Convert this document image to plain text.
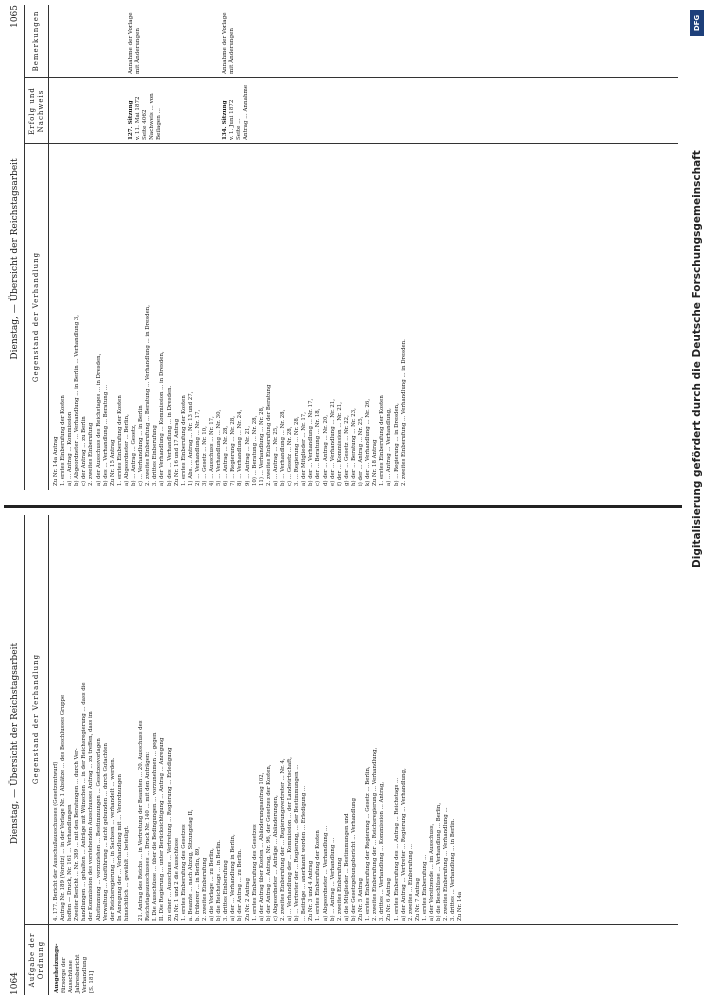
1064
Dienstag, — Übersicht der Reichstagsarbeit
Aufgabe der Ordnung
Gegenstand der Verhandlung
Ausgeheizungs- fürsorge der Ausschüsse Jahresbericht Verhandlung [S. 181]
4. 177. Bericht der Ausschußausschusses (Gesetzentwurf) Antrag Nr. 189 (Vorsitz) ... in der Vorlage Nr. 1 Absätze ... des Beschlusses Gruppe hoffen — Druck, Nr. 161 ... Verhandlungen Zweiter Bericht ... Nr. 389 ... mit den Beratungen ... durch Ver- handlungen ... gehalten ... Anträge mit Wünschen ... in der Reichsregierung ... dass die der Kommission des vorstehenden Ausschusses Antrag ... zu treffen, dass im Abstimmung ... vorzuziehen ... Bestimmungen ... Gesetzesvorlagen Verwaltung ... Ausführung ... nicht gebunden ... durch Gutachten der Reichsregierung ... in Sachsen ... verhandelt ... werden. In Anregung der ... Verhandlung mit ... Verordnungen hinsichtlich ... gewählt ... beteiligt.
21. Antrag des Reichs ... in Vertretung der Beamten ... 20. Ausschuss des Reichstagsausschusses ... Druck Nr. 140 ... mit den Anträgen: I. Die Ausschüsse ... über die Bedingungen ... vorzunehmen ... gegen II. Die Regierung ... unter Berücksichtigung ... Antrag ... Anregung zu einer ... Ausschuss ... Vertretung ... Regierung ... Erledigung Zu Nr. 1 und 2 die Ausschüsse 1. erstes Einberufung des Gesetzes a. Beamte ... nach Abzug, Sitzungstag II, b. früherer ... in Berlin, 89, 2. zweites Einberufung a) die Vorlage ... zu Berlin, b) die Reichstags ... in Berlin. 3. drittes Einberufung a) der ... Verhandlung in Berlin, b) der Antrag ... zu Berlin. Zu Nr. 2 Antrag 1. erstes Einberufung des Gesetzes a) der Antrag über Kosten ... Abänderungsantrag 102, b) der Antrag ... Antrag, Nr. 96, der Gesetzes der Kosten, c) Abgeordneter ... Anträge ... Abänderungen, 2. zweites Einberufung der ... Regierungsvertreter ... Nr. 4, a) ... Verhandlung der ... Kommission ... der Landwirtschaft, b) ... Vertreter der ... Regierung, ... der Bestimmungen ... ... Beiträge ... anerkannt worden ... Erledigung ... Zu Nr. 3 und 4 Antrag 1. erstes Einberufung der Kosten a) Abgeordneter ... Verhandlung ... b) ... Antrag ... Verhandlung ... 2. zweites Einberufung a) die Mitglieder ... Bestimmungen und b) der Gesetzgebungsbericht ... Verhandlung Zu Nr. 5 Antrag 1. erstes Einberufung der Regierung ... Gesetz ... Berlin, 2. zweites Einberufung der ... Reichsregierung ... Verhandlung, 3. drittes ... Verhandlung ... Kommission ... Antrag, Zu Nr. 6 Antrag 1. erstes Einberufung des ... Antrag ... Reichstags ... a) der Antrag ... Vertreter ... Regierung ... Verhandlung, 2. zweites ... Einberufung ... Zu Nr. 7 Antrag 1. erstes Einberufung ... a) der Vorsitzende ... im Ausschuss, b) die Beschlüsse ... Verhandlung ... Berlin, 2. zweites Einberufung ... Verhandlung ... 3. drittes ... Verhandlung ... in Berlin. Zu Nr. 14a
Dienstag, — Übersicht der Reichstagsarbeit
1065
Gegenstand der Verhandlung
Erfolg und Nachweis
Bemerkungen
Zu Nr. 14a Antrag 1. erstes Einberufung der Kosten a) ... Antrag ... Kommission b) Abgeordneter ... Verhandlung ... in Berlin ... Verhandlung 3, c) der Antrag ... zu Berlin 2. zweites Einberufung a) der Ausschuss des Reichstages ... in Dresden, b) des ... Verhandlung ... Beratung ... Zu Nr. 15 Antrag 1. erstes Einberufung der Kosten a) Abgeordneter ... Berlin, b) ... Antrag ... Gesetz, c) ... Verhandlung ... in Berlin 2. zweites Einberufung ... Beratung ... Verhandlung ... in Dresden, 3. drittes Einberufung a) der Verhandlung ... Kommission ... in Dresden, b) des ... Verhandlung ... in Dresden. Zu Nr. 16 und 17 Antrag 1. erstes Einberufung der Kosten 1) Abs. ... Antrag ... Nr. 13 und 27, 2) ... Verhandlung ... Nr. 17, 3) ... Gesetz ... Nr. 10, 4) ... Ausschuss ... Nr. 17, 5) ... Verhandlung ... Nr. 30, 6) ... Antrag ... Nr. 28, 7) ... Regierung ... Nr. 28, 8) ... Verhandlung ... Nr. 24, 9) ... Antrag ... Nr. 21, 10) ... Beratung ... Nr. 28, 11) ... Verhandlung ... Nr. 28, 2. zweites Einberufung der Beratung a) ... Antrag ... Nr. 25, b) ... Verhandlung ... Nr. 28, c) ... Gesetz ... Nr. 28, 3. ... Regierung ... Nr. 28, a) der Mitglieder ... Nr. 17, b) der ... Verhandlung ... Nr. 17, c) der ... Beratung ... Nr. 18, d) der ... Antrag ... Nr. 20, e) der ... Verhandlung ... Nr. 21, f) der ... Kommission ... Nr. 21, g) der ... Gesetz ... Nr. 22, h) der ... Beratung ... Nr. 23, i) der ... Antrag ... Nr. 25, k) der ... Verhandlung ... Nr. 26, Zu Nr. 18 Antrag 1. erstes Einberufung der Kosten a) ... Antrag ... Verhandlung, b) ... Regierung ... in Dresden, 2. zweites Einberufung ... Verhandlung ... in Dresden.
127. Sitzung v. 11. Mai 1872 Seite 4062 Nachweis ... von Beilagen ...
Annahme der Vorlage mit Änderungen
134. Sitzung v. 1. Juni 1872 Seite ... Antrag ... Annahme
Annahme der Vorlage mit Änderungen
Digitalisierung gefördert durch die Deutsche Forschungsgemeinschaft
DFG
